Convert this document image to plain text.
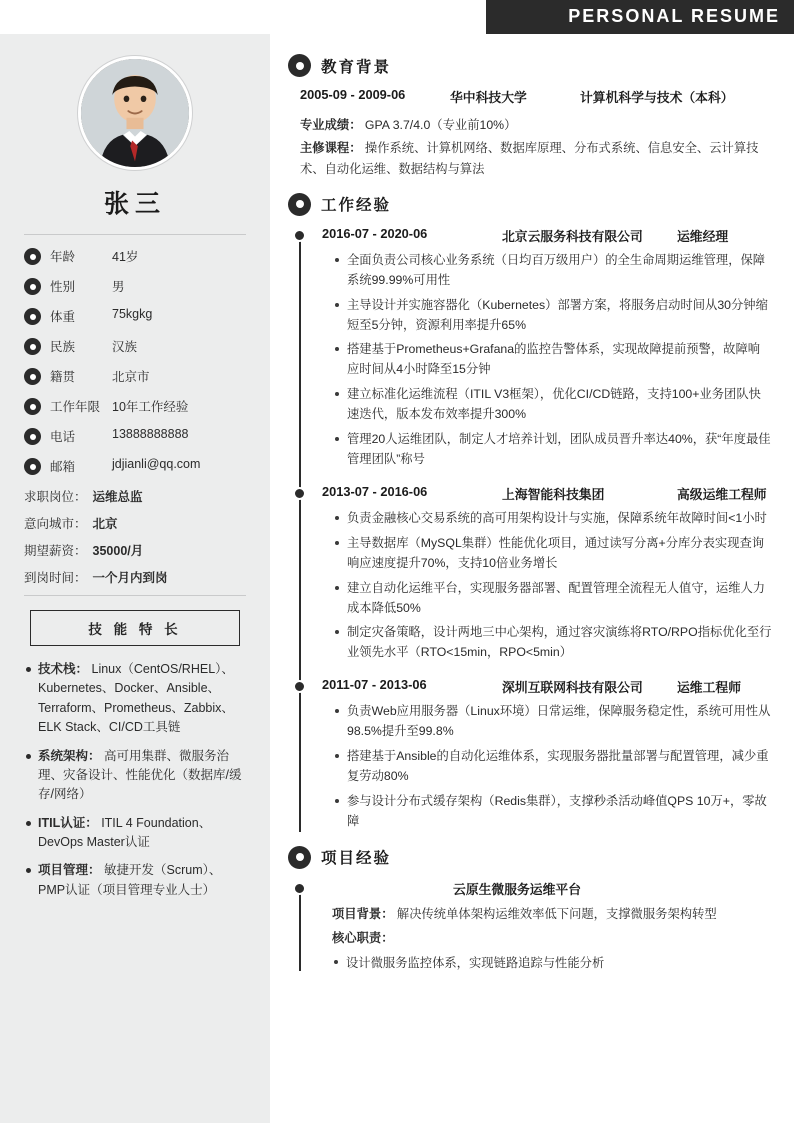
PERSONAL RESUME
张三
年龄	41岁
性别	男
体重	75kgkg
民族	汉族
籍贯	北京市
工作年限 10年工作经验
电话	13888888888
邮箱	jdjianli@qq.com
求职岗位： 运维总监
意向城市： 北京
期望薪资： 35000/月
到岗时间： 一个月内到岗
技 能 特 长
技术栈： Linux（CentOS/RHEL）、Kubernetes、Docker、Ansible、Terraform、Prometheus、Zabbix、ELK Stack、CI/CD工具链
系统架构： 高可用集群、微服务治理、灾备设计、性能优化（数据库/缓存/网络）
ITIL认证： ITIL 4 Foundation、DevOps Master认证
项目管理： 敏捷开发（Scrum）、PMP认证（项目管理专业人士）
教育背景
2005-09 - 2009-06	华中科技大学	计算机科学与技术（本科）
专业成绩： GPA 3.7/4.0（专业前10%）
主修课程： 操作系统、计算机网络、数据库原理、分布式系统、信息安全、云计算技术、自动化运维、数据结构与算法
工作经验
2016-07 - 2020-06	北京云服务科技有限公司	运维经理
全面负责公司核心业务系统（日均百万级用户）的全生命周期运维管理，保障系统99.99%可用性
主导设计并实施容器化（Kubernetes）部署方案，将服务启动时间从30分钟缩短至5分钟，资源利用率提升65%
搭建基于Prometheus+Grafana的监控告警体系，实现故障提前预警，故障响应时间从4小时降至15分钟
建立标准化运维流程（ITIL V3框架），优化CI/CD链路，支持100+业务团队快速迭代，版本发布效率提升300%
管理20人运维团队，制定人才培养计划，团队成员晋升率达40%，获“年度最佳管理团队”称号
2013-07 - 2016-06	上海智能科技集团	高级运维工程师
负责金融核心交易系统的高可用架构设计与实施，保障系统年故障时间<1小时
主导数据库（MySQL集群）性能优化项目，通过读写分离+分库分表实现查询响应速度提升70%，支持10倍业务增长
建立自动化运维平台，实现服务器部署、配置管理全流程无人值守，运维人力成本降低50%
制定灾备策略，设计两地三中心架构，通过容灾演练将RTO/RPO指标优化至行业领先水平（RTO<15min，RPO<5min）
2011-07 - 2013-06	深圳互联网科技有限公司	运维工程师
负责Web应用服务器（Linux环境）日常运维，保障服务稳定性，系统可用性从98.5%提升至99.8%
搭建基于Ansible的自动化运维体系，实现服务器批量部署与配置管理，减少重复劳动80%
参与设计分布式缓存架构（Redis集群），支撑秒杀活动峰值QPS 10万+，零故障
项目经验
云原生微服务运维平台
项目背景： 解决传统单体架构运维效率低下问题，支撑微服务架构转型
核心职责：
设计微服务监控体系，实现链路追踪与性能分析
